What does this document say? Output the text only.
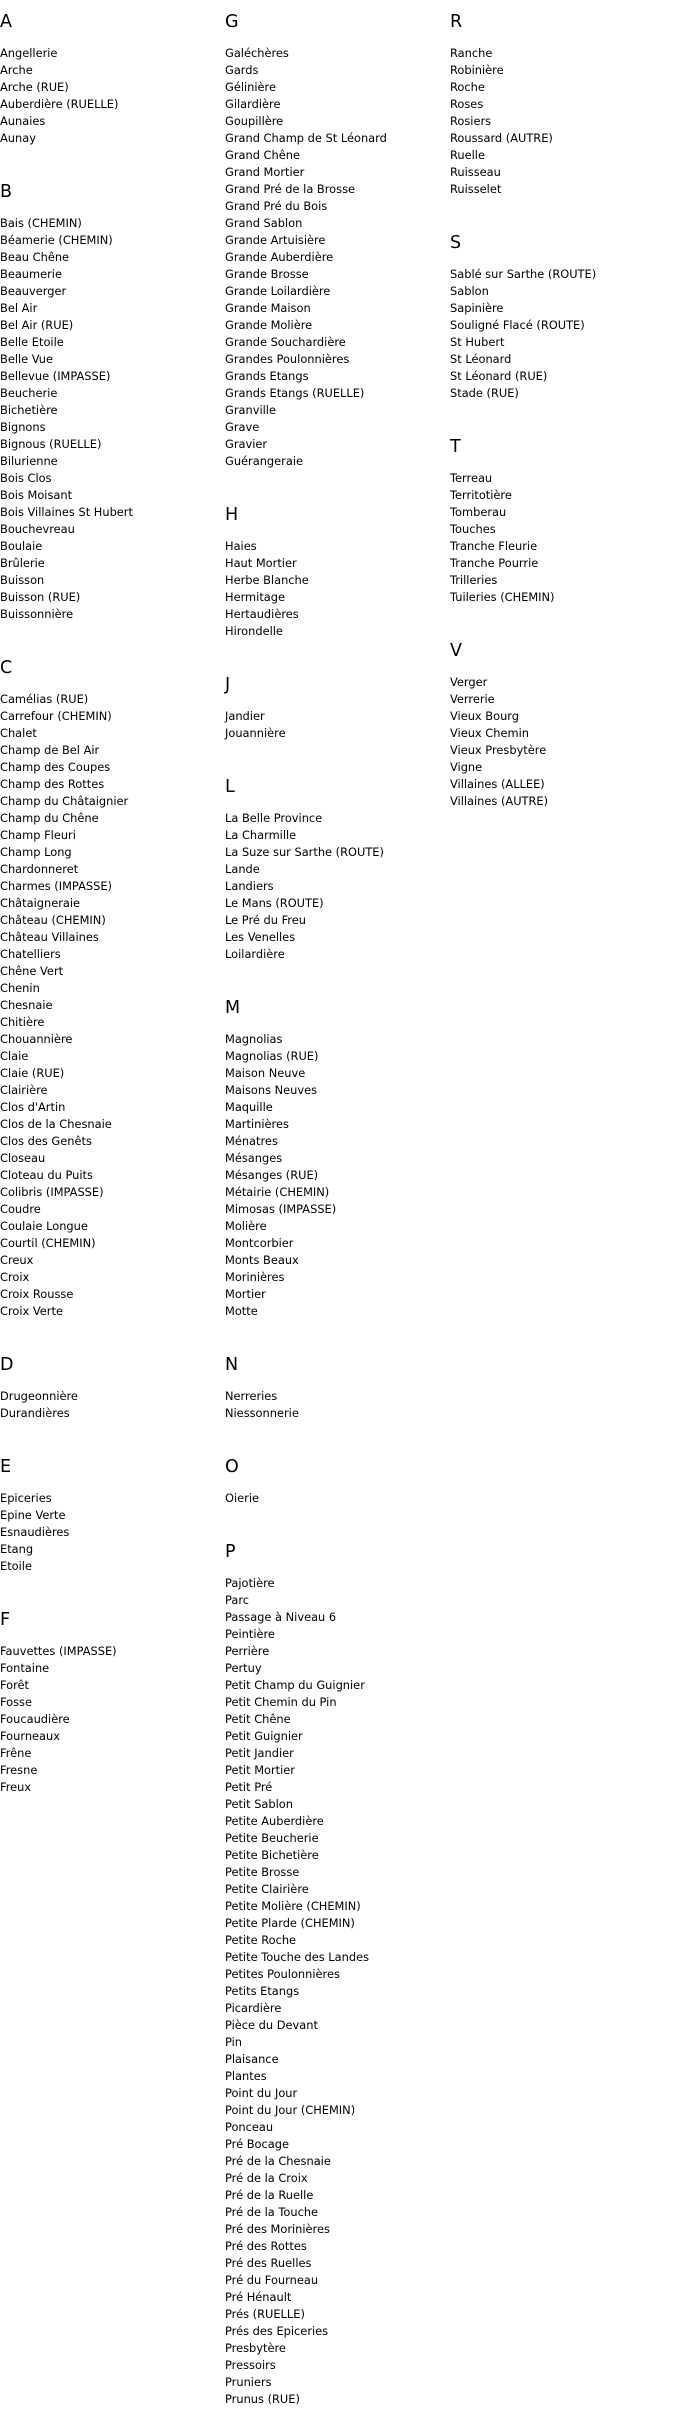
A
Angellerie
Arche
Arche (RUE)
Auberdière (RUELLE)
Aunaies
Aunay
B
Bais (CHEMIN)
Béamerie (CHEMIN)
Beau Chêne
Beaumerie
Beauverger
Bel Air
Bel Air (RUE)
Belle Etoile
Belle Vue
Bellevue (IMPASSE)
Beucherie
Bichetière
Bignons
Bignous (RUELLE)
Bilurienne
Bois Clos
Bois Moisant
Bois Villaines St Hubert
Bouchevreau
Boulaie
Brûlerie
Buisson
Buisson (RUE)
Buissonnière
C
Camélias (RUE)
Carrefour (CHEMIN)
Chalet
Champ de Bel Air
Champ des Coupes
Champ des Rottes
Champ du Châtaignier
Champ du Chêne
Champ Fleuri
Champ Long
Chardonneret
Charmes (IMPASSE)
Châtaigneraie
Château (CHEMIN)
Château Villaines
Chatelliers
Chêne Vert
Chenin
Chesnaie
Chitière
Chouannière
Claie
Claie (RUE)
Clairière
Clos d'Artin
Clos de la Chesnaie
Clos des Genêts
Closeau
Cloteau du Puits
Colibris (IMPASSE)
Coudre
Coulaie Longue
Courtil (CHEMIN)
Creux
Croix
Croix Rousse
Croix Verte
D
Drugeonnière
Durandières
E
Epiceries
Epine Verte
Esnaudières
Etang
Etoile
F
Fauvettes (IMPASSE)
Fontaine
Forêt
Fosse
Foucaudière
Fourneaux
Frêne
Fresne
Freux
G
Galéchères
Gards
Gélinière
Gilardière
Goupillère
Grand Champ de St Léonard
Grand Chêne
Grand Mortier
Grand Pré de la Brosse
Grand Pré du Bois
Grand Sablon
Grande Artuisière
Grande Auberdière
Grande Brosse
Grande Loilardière
Grande Maison
Grande Molière
Grande Souchardière
Grandes Poulonnières
Grands Etangs
Grands Etangs (RUELLE)
Granville
Grave
Gravier
Guérangeraie
H
Haies
Haut Mortier
Herbe Blanche
Hermitage
Hertaudières
Hirondelle
J
Jandier
Jouannière
L
La Belle Province
La Charmille
La Suze sur Sarthe (ROUTE)
Lande
Landiers
Le Mans (ROUTE)
Le Pré du Freu
Les Venelles
Loilardière
M
Magnolias
Magnolias (RUE)
Maison Neuve
Maisons Neuves
Maquille
Martinières
Ménatres
Mésanges
Mésanges (RUE)
Métairie (CHEMIN)
Mimosas (IMPASSE)
Molière
Montcorbier
Monts Beaux
Morinières
Mortier
Motte
N
Nerreries
Niessonnerie
O
Oierie
P
Pajotière
Parc
Passage à Niveau 6
Peintière
Perrière
Pertuy
Petit Champ du Guignier
Petit Chemin du Pin
Petit Chêne
Petit Guignier
Petit Jandier
Petit Mortier
Petit Pré
Petit Sablon
Petite Auberdière
Petite Beucherie
Petite Bichetière
Petite Brosse
Petite Clairière
Petite Molière (CHEMIN)
Petite Plarde (CHEMIN)
Petite Roche
Petite Touche des Landes
Petites Poulonnières
Petits Etangs
Picardière
Pièce du Devant
Pin
Plaisance
Plantes
Point du Jour
Point du Jour (CHEMIN)
Ponceau
Pré Bocage
Pré de la Chesnaie
Pré de la Croix
Pré de la Ruelle
Pré de la Touche
Pré des Morinières
Pré des Rottes
Pré des Ruelles
Pré du Fourneau
Pré Hénault
Prés (RUELLE)
Prés des Epiceries
Presbytère
Pressoirs
Pruniers
Prunus (RUE)
R
Ranche
Robinière
Roche
Roses
Rosiers
Roussard (AUTRE)
Ruelle
Ruisseau
Ruisselet
S
Sablé sur Sarthe (ROUTE)
Sablon
Sapinière
Souligné Flacé (ROUTE)
St Hubert
St Léonard
St Léonard (RUE)
Stade (RUE)
T
Terreau
Territotière
Tomberau
Touches
Tranche Fleurie
Tranche Pourrie
Trilleries
Tuileries (CHEMIN)
V
Verger
Verrerie
Vieux Bourg
Vieux Chemin
Vieux Presbytère
Vigne
Villaines (ALLEE)
Villaines (AUTRE)
